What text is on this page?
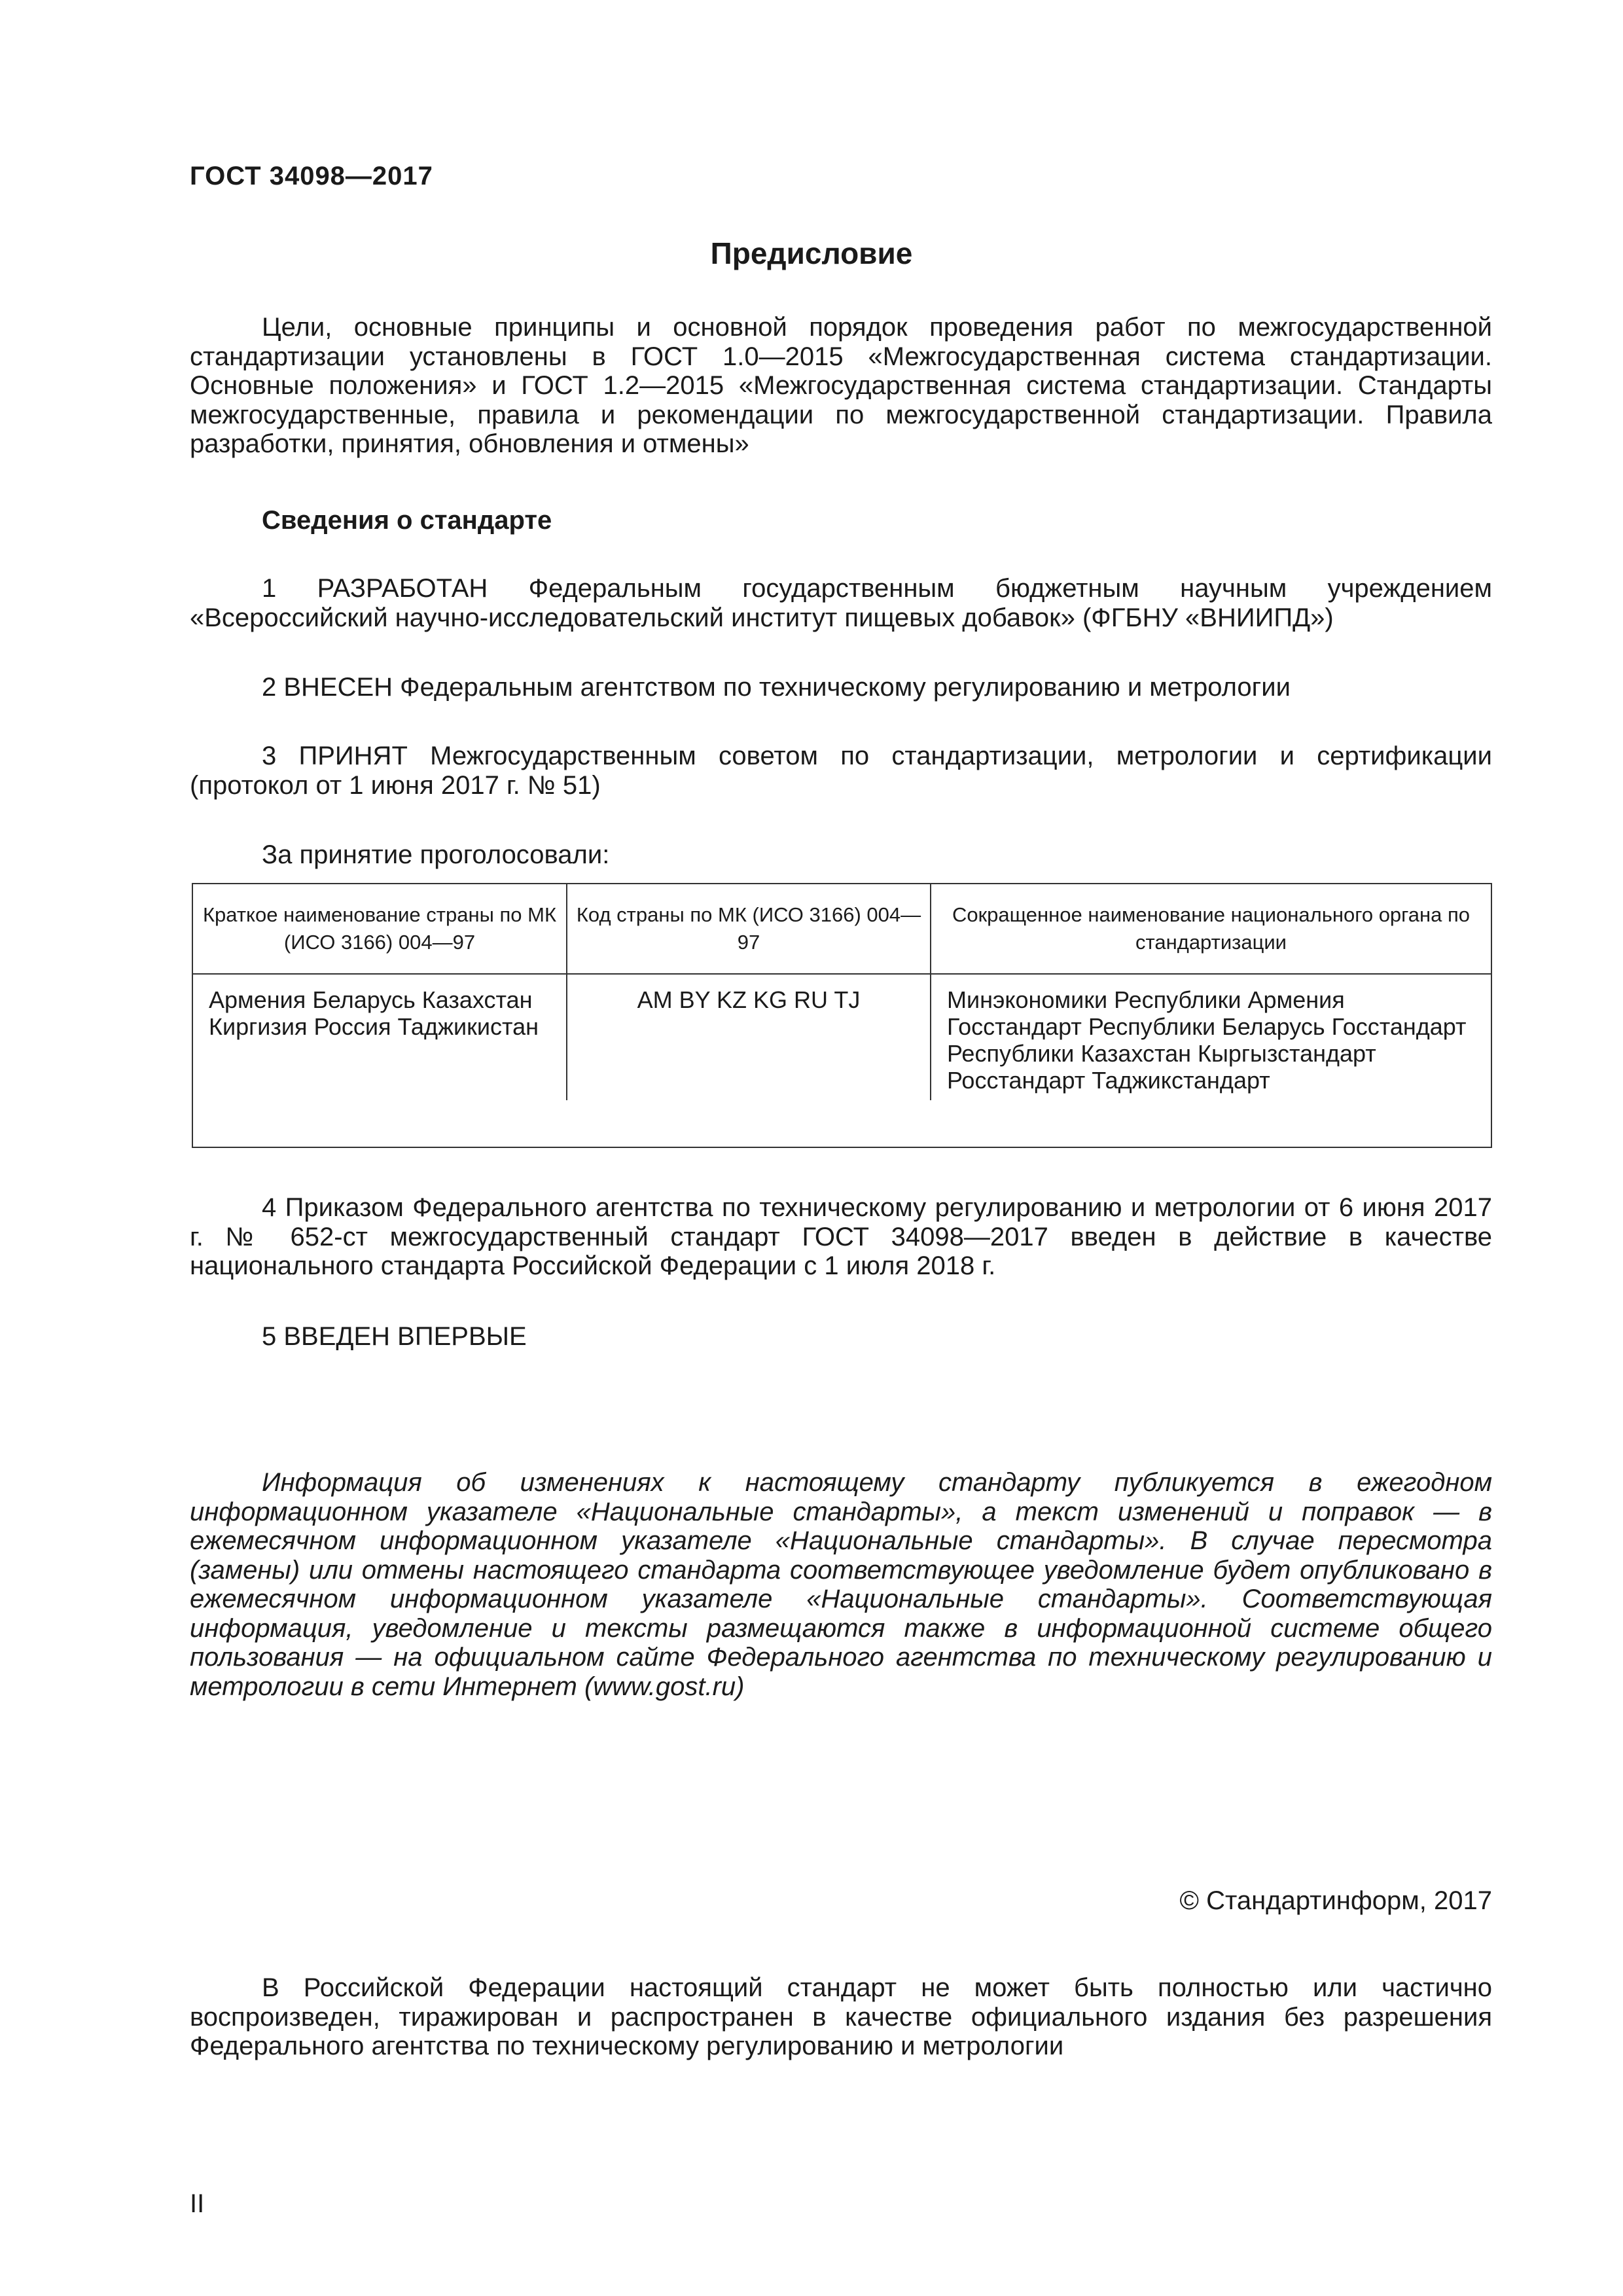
ГОСТ 34098—2017

Предисловие

Цели, основные принципы и основной порядок проведения работ по межгосударственной стандартизации установлены в ГОСТ 1.0—2015 «Межгосударственная система стандартизации. Основные положения» и ГОСТ 1.2—2015 «Межгосударственная система стандартизации. Стандарты межгосударственные, правила и рекомендации по межгосударственной стандартизации. Правила разработки, принятия, обновления и отмены»

Сведения о стандарте

1 РАЗРАБОТАН Федеральным государственным бюджетным научным учреждением «Всероссийский научно-исследовательский институт пищевых добавок» (ФГБНУ «ВНИИПД»)

2 ВНЕСЕН Федеральным агентством по техническому регулированию и метрологии

3 ПРИНЯТ Межгосударственным советом по стандартизации, метрологии и сертификации (протокол от 1 июня 2017 г. № 51)

За принятие проголосовали:

Краткое наименование страны по МК (ИСО 3166) 004—97	Код страны по МК (ИСО 3166) 004—97	Сокращенное наименование национального органа по стандартизации
Армения Беларусь Казахстан Киргизия Россия Таджикистан	AM BY KZ KG RU TJ	Минэкономики Республики Армения Госстандарт Республики Беларусь Госстандарт Республики Казахстан Кыргызстандарт Росстандарт Таджикстандарт

4 Приказом Федерального агентства по техническому регулированию и метрологии от 6 июня 2017 г. № 652-ст межгосударственный стандарт ГОСТ 34098—2017 введен в действие в качестве национального стандарта Российской Федерации с 1 июля 2018 г.

5 ВВЕДЕН ВПЕРВЫЕ

Информация об изменениях к настоящему стандарту публикуется в ежегодном информационном указателе «Национальные стандарты», а текст изменений и поправок — в ежемесячном информационном указателе «Национальные стандарты». В случае пересмотра (замены) или отмены настоящего стандарта соответствующее уведомление будет опубликовано в ежемесячном информационном указателе «Национальные стандарты». Соответствующая информация, уведомление и тексты размещаются также в информационной системе общего пользования — на официальном сайте Федерального агентства по техническому регулированию и метрологии в сети Интернет (www.gost.ru)

© Стандартинформ, 2017

В Российской Федерации настоящий стандарт не может быть полностью или частично воспроизведен, тиражирован и распространен в качестве официального издания без разрешения Федерального агентства по техническому регулированию и метрологии

II
